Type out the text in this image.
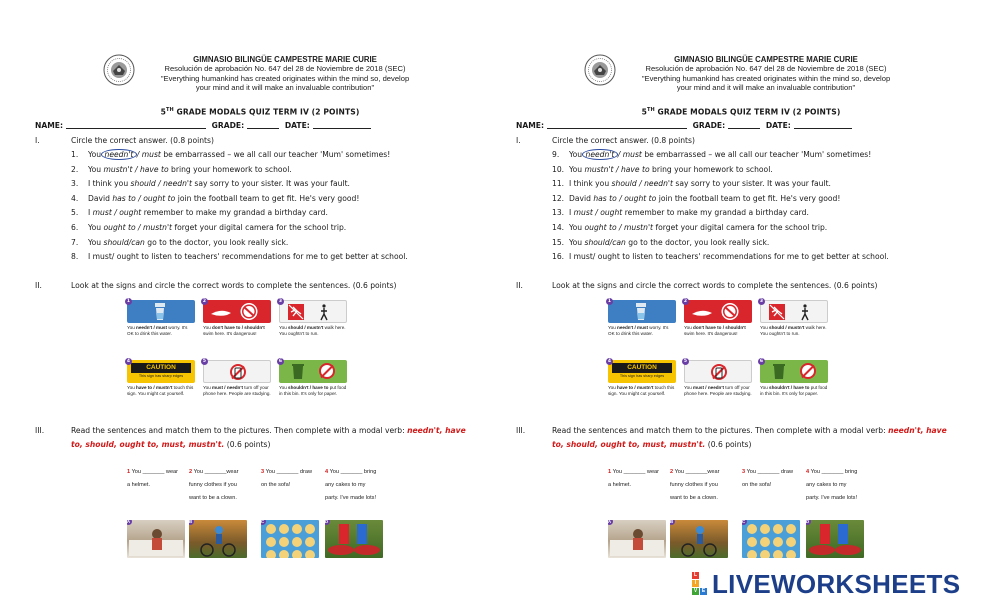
GIMNASIO BILINGÜE CAMPESTRE MARIE CURIE
Resolución de aprobación No. 647 del 28 de Noviembre de 2018 (SEC)
"Everything humankind has created originates within the mind so, develop
your mind and it will make an invaluable contribution"
5TH GRADE MODALS QUIZ TERM IV (2 POINTS)
NAME:	GRADE:	DATE:
I.	Circle the correct answer. (0.8 points)
1. You needn't / must be embarrassed – we all call our teacher 'Mum' sometimes!
2. You mustn't / have to bring your homework to school.
3. I think you should / needn't say sorry to your sister. It was your fault.
4. David has to / ought to join the football team to get fit. He's very good!
5. I must / ought remember to make my grandad a birthday card.
6. You ought to / mustn't forget your digital camera for the school trip.
7. You should/can go to the doctor, you look really sick.
8. I must/ ought to listen to teachers' recommendations for me to get better at school.
II.	Look at the signs and circle the correct words to complete the sentences. (0.6 points)
1
You needn't / must worry. It's OK to drink this water.
2
You don't have to / shouldn't swim here. It's dangerous!
3
You should / mustn't walk here. You oughtn't to run.
4
CAUTION
This sign has sharp edges
You have to / mustn't touch this sign. You might cut yourself.
5
You must / needn't turn off your phone here. People are studying.
6
You shouldn't / have to put food in this bin. It's only for paper.
III.	Read the sentences and match them to the pictures. Then complete with a modal verb: needn't, have
to, should, ought to, must, mustn't. (0.6 points)
1 You _______ wear
a helmet.
2 You _______wear
funny clothes if you
want to be a clown.
3 You _______ draw
on the sofa!
4 You _______ bring
any cakes to my
party. I've made lots!
A	B	C	D
GIMNASIO BILINGÜE CAMPESTRE MARIE CURIE
Resolución de aprobación No. 647 del 28 de Noviembre de 2018 (SEC)
"Everything humankind has created originates within the mind so, develop
your mind and it will make an invaluable contribution"
5TH GRADE MODALS QUIZ TERM IV (2 POINTS)
NAME:	GRADE:	DATE:
I.	Circle the correct answer. (0.8 points)
9. You needn't / must be embarrassed – we all call our teacher 'Mum' sometimes!
10. You mustn't / have to bring your homework to school.
11. I think you should / needn't say sorry to your sister. It was your fault.
12. David has to / ought to join the football team to get fit. He's very good!
13. I must / ought remember to make my grandad a birthday card.
14. You ought to / mustn't forget your digital camera for the school trip.
15. You should/can go to the doctor, you look really sick.
16. I must/ ought to listen to teachers' recommendations for me to get better at school.
II.	Look at the signs and circle the correct words to complete the sentences. (0.6 points)
1
You needn't / must worry. It's OK to drink this water.
2
You don't have to / shouldn't swim here. It's dangerous!
3
You should / mustn't walk here. You oughtn't to run.
4
CAUTION
This sign has sharp edges
You have to / mustn't touch this sign. You might cut yourself.
5
You must / needn't turn off your phone here. People are studying.
6
You shouldn't / have to put food in this bin. It's only for paper.
III.	Read the sentences and match them to the pictures. Then complete with a modal verb: needn't, have
to, should, ought to, must, mustn't. (0.6 points)
1 You _______ wear
a helmet.
2 You _______wear
funny clothes if you
want to be a clown.
3 You _______ draw
on the sofa!
4 You _______ bring
any cakes to my
party. I've made lots!
A	B	C	D
L
I
V E LIVEWORKSHEETS
